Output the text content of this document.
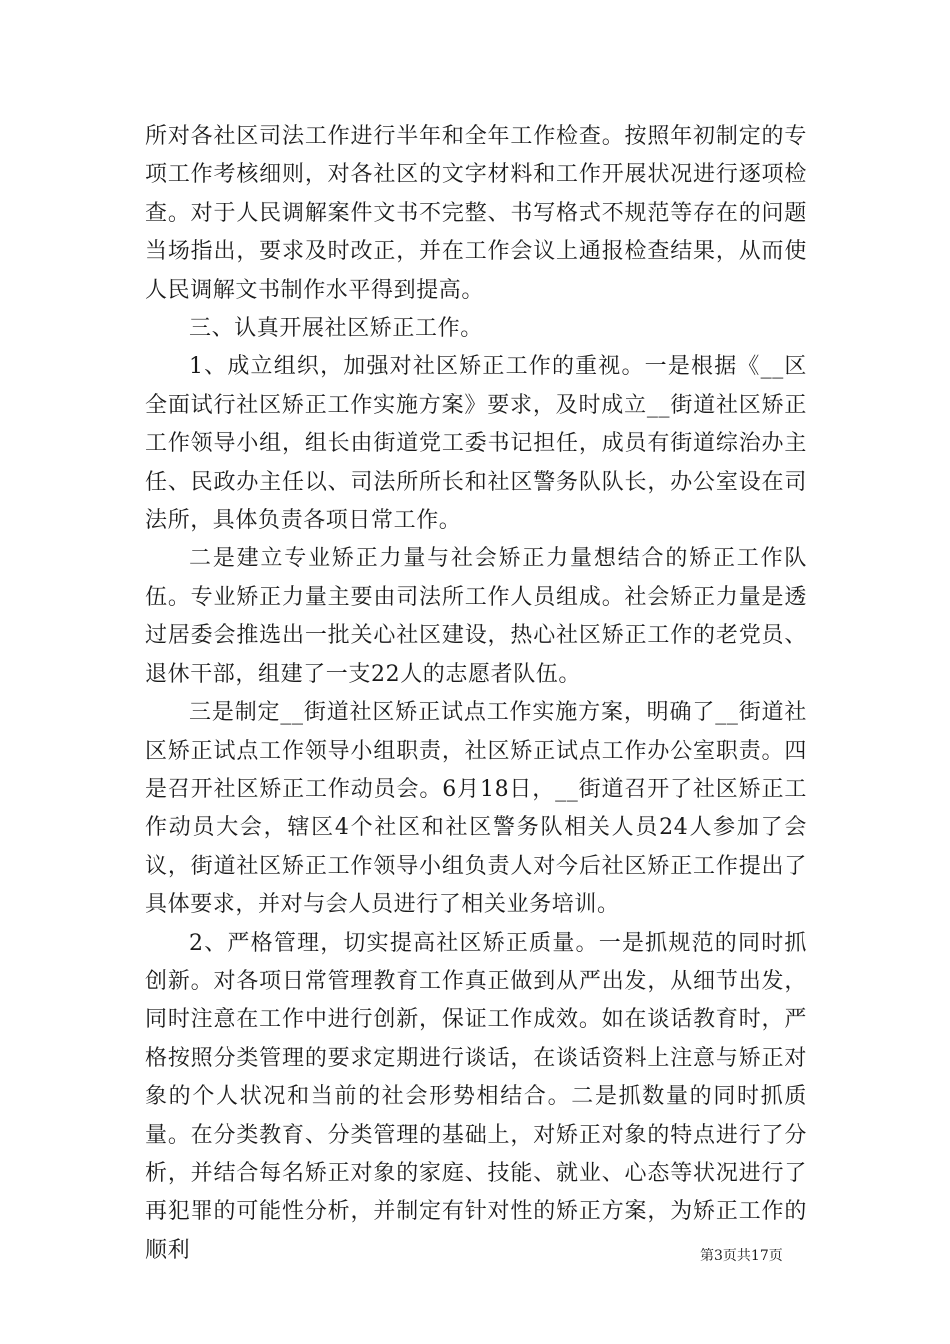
所对各社区司法工作进行半年和全年工作检查。按照年初制定的专项工作考核细则，对各社区的文字材料和工作开展状况进行逐项检查。对于人民调解案件文书不完整、书写格式不规范等存在的问题当场指出，要求及时改正，并在工作会议上通报检查结果，从而使人民调解文书制作水平得到提高。

三、认真开展社区矫正工作。

1、成立组织，加强对社区矫正工作的重视。一是根据《__区全面试行社区矫正工作实施方案》要求，及时成立__街道社区矫正工作领导小组，组长由街道党工委书记担任，成员有街道综治办主任、民政办主任以、司法所所长和社区警务队队长，办公室设在司法所，具体负责各项日常工作。

二是建立专业矫正力量与社会矫正力量想结合的矫正工作队伍。专业矫正力量主要由司法所工作人员组成。社会矫正力量是透过居委会推选出一批关心社区建设，热心社区矫正工作的老党员、退休干部，组建了一支22人的志愿者队伍。

三是制定__街道社区矫正试点工作实施方案，明确了__街道社区矫正试点工作领导小组职责，社区矫正试点工作办公室职责。四是召开社区矫正工作动员会。6月18日，__街道召开了社区矫正工作动员大会，辖区4个社区和社区警务队相关人员24人参加了会议，街道社区矫正工作领导小组负责人对今后社区矫正工作提出了具体要求，并对与会人员进行了相关业务培训。

2、严格管理，切实提高社区矫正质量。一是抓规范的同时抓创新。对各项日常管理教育工作真正做到从严出发，从细节出发，同时注意在工作中进行创新，保证工作成效。如在谈话教育时，严格按照分类管理的要求定期进行谈话，在谈话资料上注意与矫正对象的个人状况和当前的社会形势相结合。二是抓数量的同时抓质量。在分类教育、分类管理的基础上，对矫正对象的特点进行了分析，并结合每名矫正对象的家庭、技能、就业、心态等状况进行了再犯罪的可能性分析，并制定有针对性的矫正方案，为矫正工作的顺利	第3页共17页
